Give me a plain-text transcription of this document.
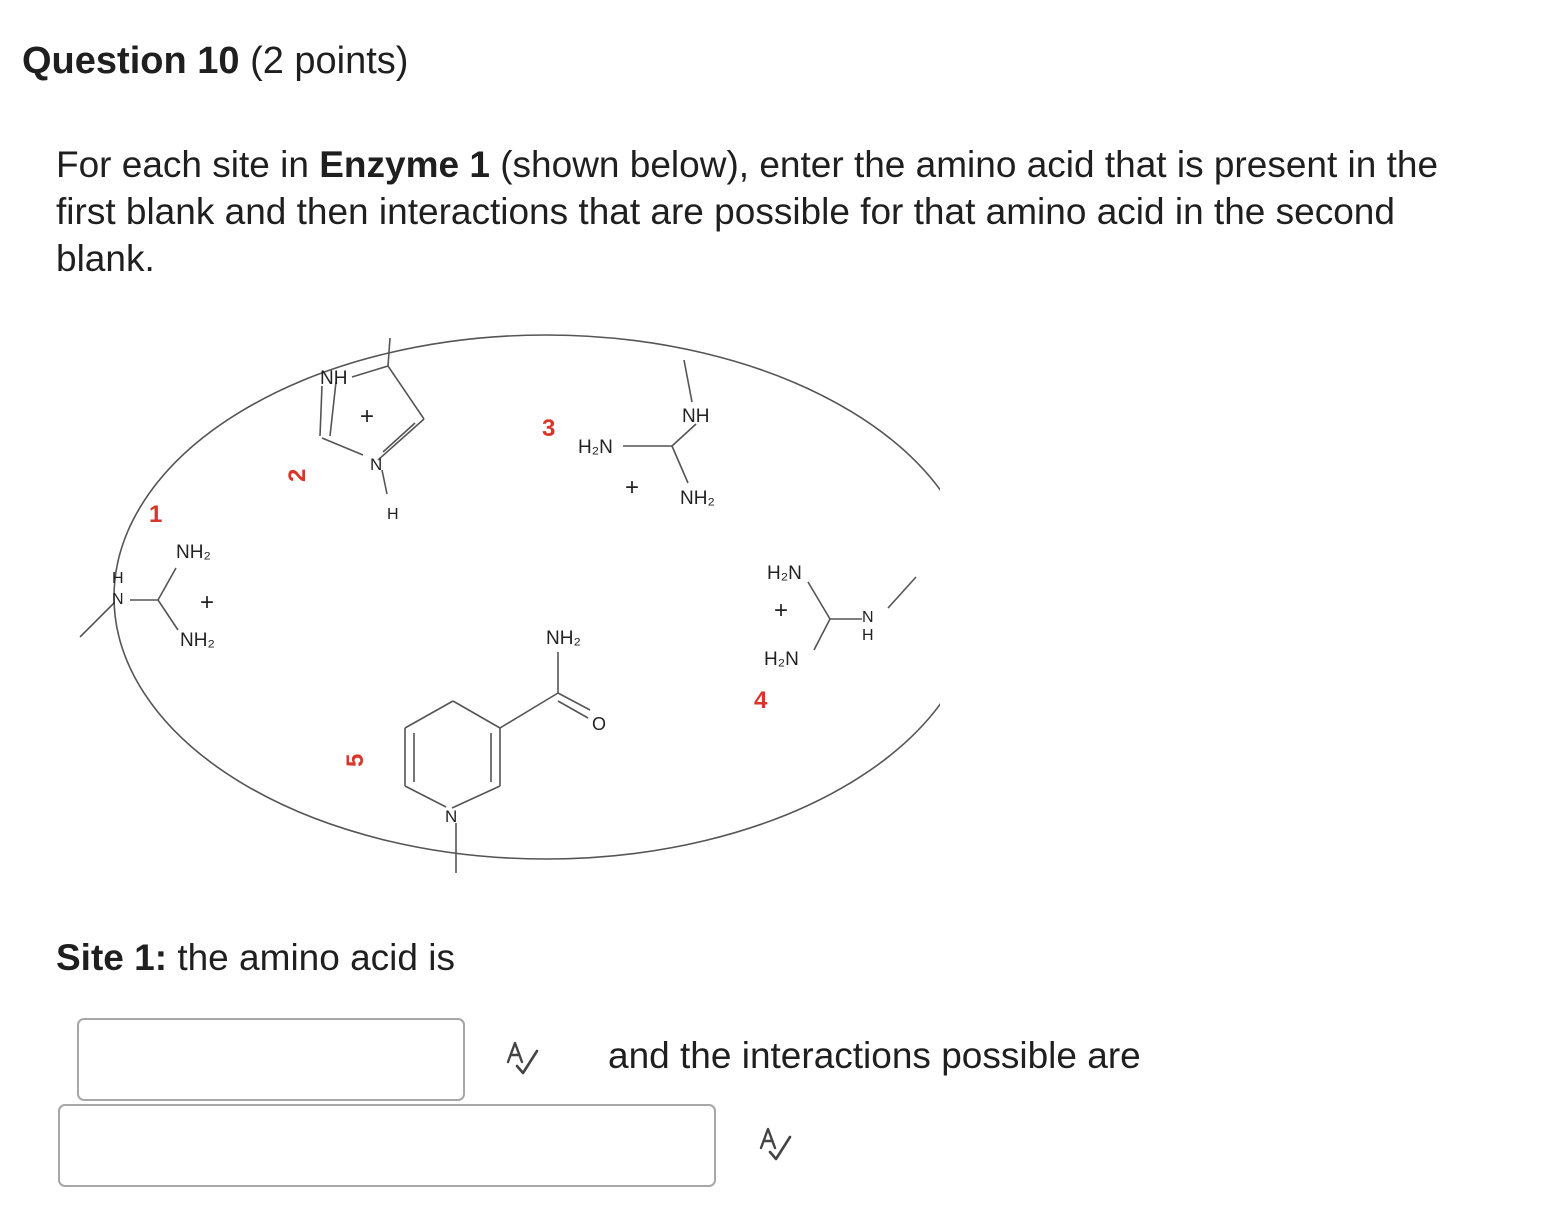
Question 10 (2 points)
For each site in Enzyme 1 (shown below), enter the amino acid that is present in the first blank and then interactions that are possible for that amino acid in the second blank.
1
2
3
4
5
NH₂
+
NH₂
H
N
NH
+
N
H
NH
H₂N
+ NH₂
H₂N
+
H₂N
N
H
NH₂
O
N
Site 1: the amino acid is
and the interactions possible are
